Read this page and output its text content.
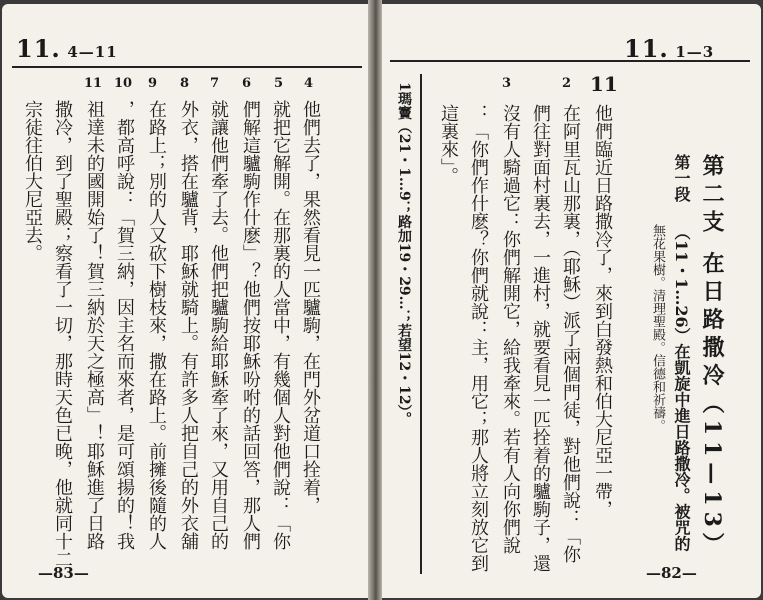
11. 4—11
4
5
6
7
8
9
10
11
他們去了，果然看見一匹驢駒，在門外岔道口拴着，
就把它解開。在那裏的人當中，有幾個人對他們說：「你
們解這驢駒作什麽」？他們按耶穌吩咐的話回答，那人們
就讓他們牽了去。他們把驢駒給耶穌牽了來，又用自己的
外衣，搭在驢背，耶穌就騎上。有許多人把自己的外衣舖
在路上；別的人又砍下樹枝來，撒在路上。前擁後隨的人
，都高呼說：「賀三納，因主名而來者，是可頌揚的！我
祖達未的國開始了！賀三納於天之極高」！耶穌進了日路
撒冷，到了聖殿；察看了一切，那時天色已晚，他就同十二
宗徒往伯大尼亞去。
—83—
11. 1—3
第二支 在日路撒冷（11—13）
第一段
（11・1…26）在凱旋中進日路撒冷。被咒的
無花果樹。清理聖殿。信德和祈禱。
11
2
3
他們臨近日路撒冷了，來到白發熱和伯大尼亞一帶，
在阿里瓦山那裏，（耶穌）派了兩個門徒，對他們說：「你
們往對面村裏去，一進村，就要看見一匹拴着的驢駒子，還
沒有人騎過它：你們解開它，給我牽來。若有人向你們說
：「你們作什麽？你們就說：主，用它；那人將立刻放它到
這裏來」。
1瑪竇（21・1…9；路加19・29…；若望12・12）。
—82—
